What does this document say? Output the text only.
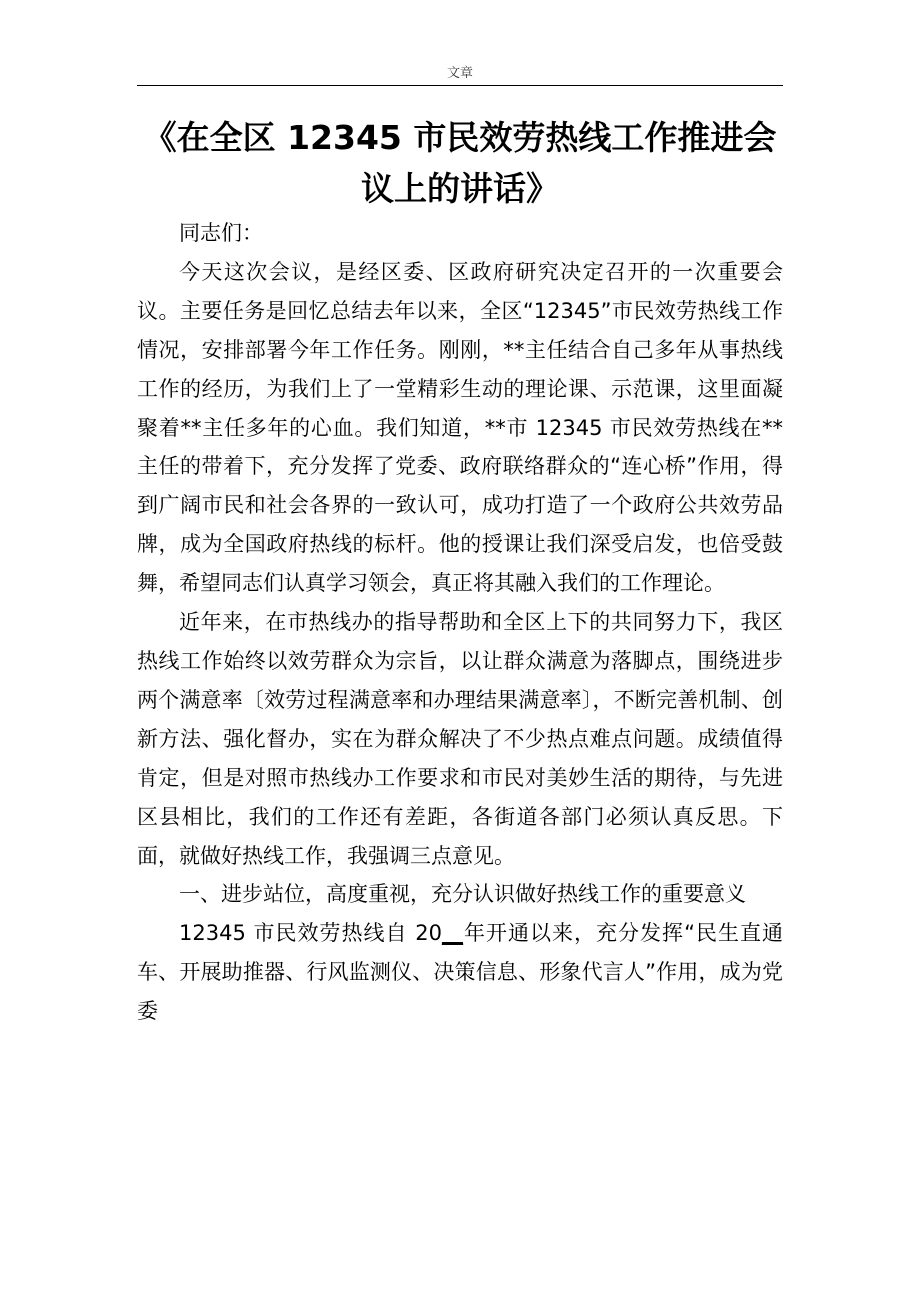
文章
《在全区 12345 市民效劳热线工作推进会议上的讲话》

同志们：

今天这次会议，是经区委、区政府研究决定召开的一次重要会议。主要任务是回忆总结去年以来，全区“12345”市民效劳热线工作情况，安排部署今年工作任务。刚刚，**主任结合自己多年从事热线工作的经历，为我们上了一堂精彩生动的理论课、示范课，这里面凝聚着**主任多年的心血。我们知道，**市 12345 市民效劳热线在**主任的带着下，充分发挥了党委、政府联络群众的“连心桥”作用，得到广阔市民和社会各界的一致认可，成功打造了一个政府公共效劳品牌，成为全国政府热线的标杆。他的授课让我们深受启发，也倍受鼓舞，希望同志们认真学习领会，真正将其融入我们的工作理论。

近年来，在市热线办的指导帮助和全区上下的共同努力下，我区热线工作始终以效劳群众为宗旨，以让群众满意为落脚点，围绕进步两个满意率〔效劳过程满意率和办理结果满意率〕，不断完善机制、创新方法、强化督办，实在为群众解决了不少热点难点问题。成绩值得肯定，但是对照市热线办工作要求和市民对美妙生活的期待，与先进区县相比，我们的工作还有差距，各街道各部门必须认真反思。下面，就做好热线工作，我强调三点意见。

一、进步站位，高度重视，充分认识做好热线工作的重要意义

12345 市民效劳热线自 20__年开通以来，充分发挥“民生直通车、开展助推器、行风监测仪、决策信息、形象代言人”作用，成为党委
